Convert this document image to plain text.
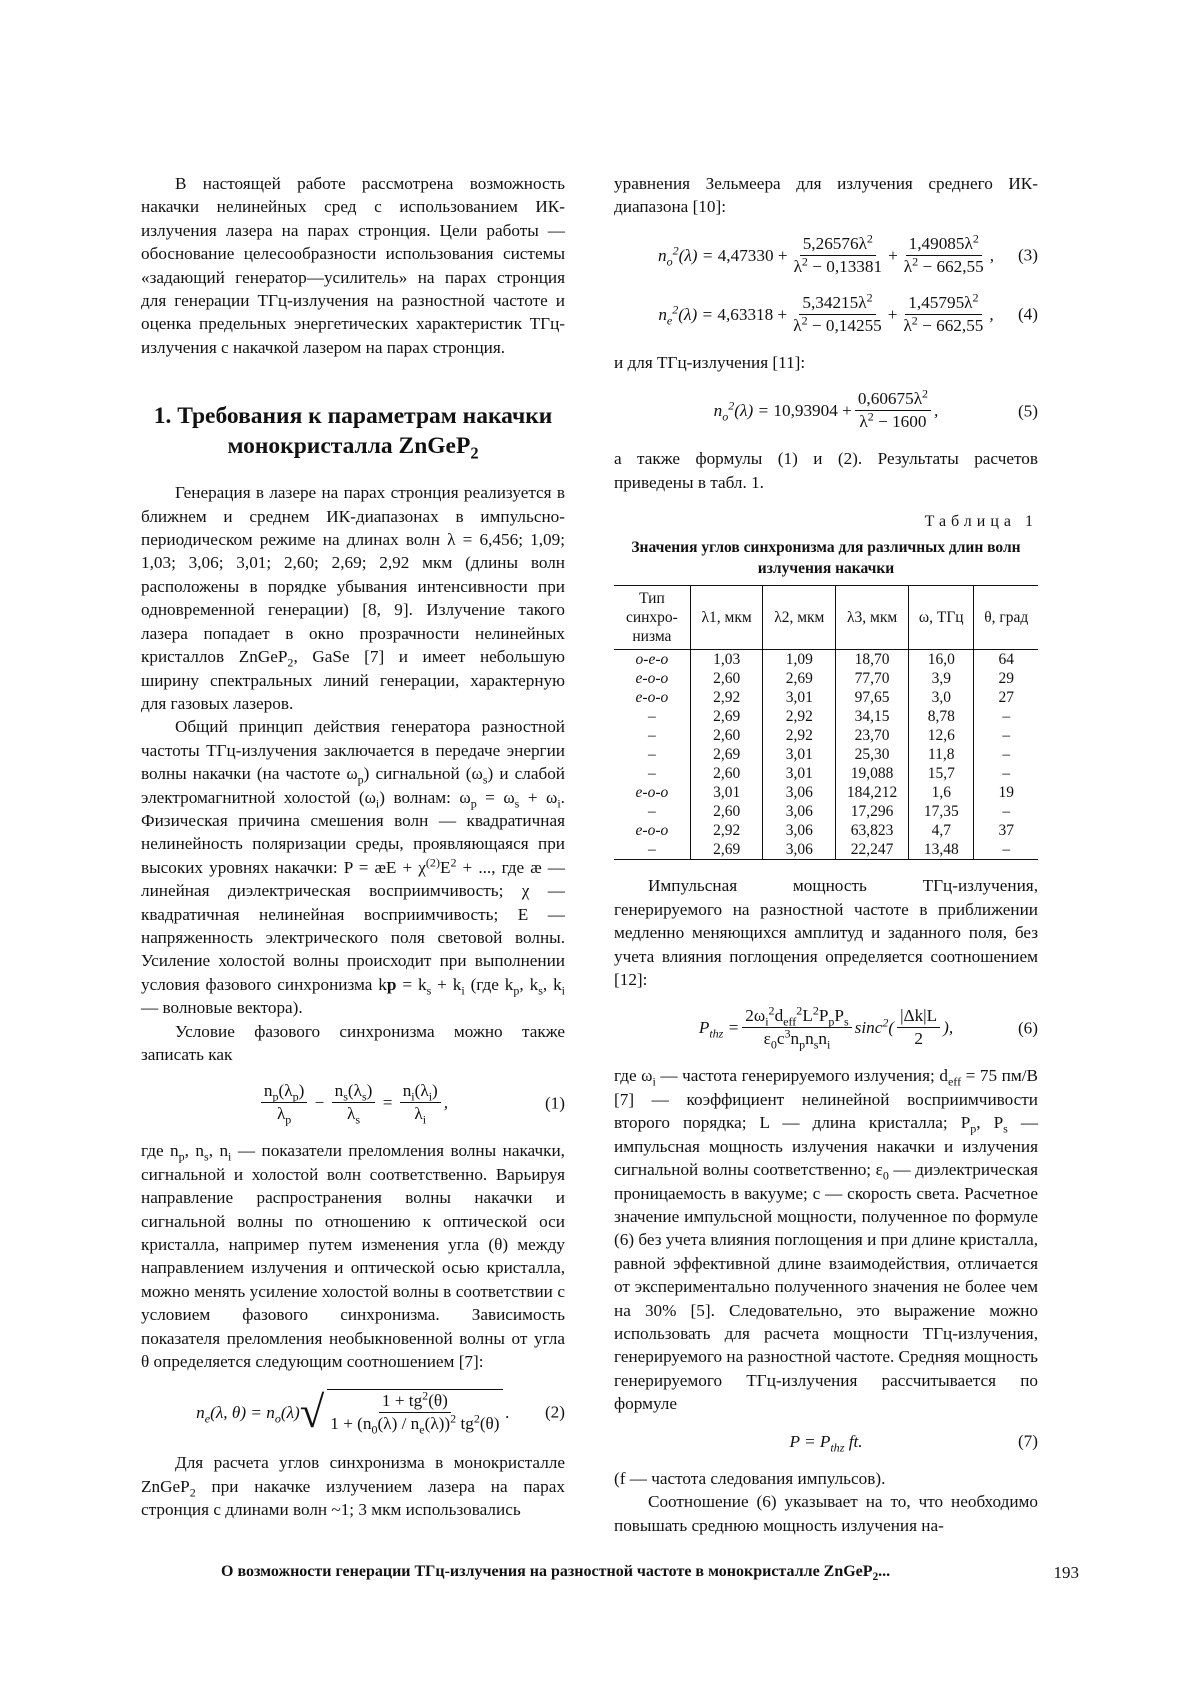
В настоящей работе рассмотрена возможность накачки нелинейных сред с использованием ИК-излучения лазера на парах стронция. Цели работы — обоснование целесообразности использования системы «задающий генератор—усилитель» на парах стронция для генерации ТГц-излучения на разностной частоте и оценка предельных энергетических характеристик ТГц-излучения с накачкой лазером на парах стронция.

1. Требования к параметрам накачки
монокристалла ZnGeP$_2$

Генерация в лазере на парах стронция реализуется в ближнем и среднем ИК-диапазонах в импульсно-периодическом режиме на длинах волн λ = 6,456; 1,09; 1,03; 3,06; 3,01; 2,60; 2,69; 2,92 мкм (длины волн расположены в порядке убывания интенсивности при одновременной генерации) [8, 9]. Излучение такого лазера попадает в окно прозрачности нелинейных кристаллов ZnGeP$_2$, GaSe [7] и имеет небольшую ширину спектральных линий генерации, характерную для газовых лазеров.

Общий принцип действия генератора разностной частоты ТГц-излучения заключается в передаче энергии волны накачки (на частоте $\omega_p$) сигнальной $(\omega_s)$ и слабой электромагнитной холостой $(\omega_i)$ волнам: $\omega_p = \omega_s + \omega_i$. Физическая причина смешения волн — квадратичная нелинейность поляризации среды, проявляющаяся при высоких уровнях накачки: P = æE + $\chi^{(2)}E^2$ + ..., где æ — линейная диэлектрическая восприимчивость; χ — квадратичная нелинейная восприимчивость; E — напряженность электрического поля световой волны. Усиление холостой волны происходит при выполнении условия фазового синхронизма kp = $k_s + k_i$ (где $k_p$, $k_s$, $k_i$ — волновые вектора).

Условие фазового синхронизма можно также записать как

$n_p(\lambda_p)$
$\lambda_p$
− $\frac{n_s(\lambda_s)}{\lambda_s} = \frac{n_i(\lambda_i)}{\lambda_i}$ ,	(1)

где $n_p$, $n_s$, $n_i$ — показатели преломления волны накачки, сигнальной и холостой волн соответственно. Варьируя направление распространения волны накачки и сигнальной волны по отношению к оптической оси кристалла, например путем изменения угла (θ) между направлением излучения и оптической осью кристалла, можно менять усиление холостой волны в соответствии с условием фазового синхронизма. Зависимость показателя преломления необыкновенной волны от угла θ определяется следующим соотношением [7]:

$n_e(\lambda$, $\theta) = n_o(\lambda)$ √	$1 + tg^2(\theta)$
$1 + (n_0(\lambda) / n_e(\lambda))^2$ $tg^2(\theta)$
. (2)

Для расчета углов синхронизма в монокристалле ZnGeP$_2$ при накачке излучением лазера на парах стронция с длинами волн ~1; 3 мкм использовались

уравнения Зельмеера для излучения среднего ИК-диапазона [10]:

$n_o^2(\lambda) = 4,47330 + \frac{5,26576\lambda^2}{\lambda^2 - 0,13381} + \frac{1,49085\lambda^2}{\lambda^2 - 662,55}$ , (3)
$n_e^2(\lambda) = 4,63318 + \frac{5,34215\lambda^2}{\lambda^2 - 0,14255} + \frac{1,45795\lambda^2}{\lambda^2 - 662,55}$ , (4)

и для ТГц-излучения [11]:

$n_o^2(\lambda) = 10,93904 + \frac{0,60675\lambda^2}{\lambda^2 - 1600}$ ,	(5)

а также формулы (1) и (2). Результаты расчетов приведены в табл. 1.

Таблица 1
Значения углов синхронизма для различных длин волн излучения накачки
Тип синхро-низма	λ1, мкм	λ2, мкм	λ3, мкм	ω, ТГц	θ, град
о-е-о	1,03	1,09	18,70	16,0	64
е-о-о	2,60	2,69	77,70	3,9	29
е-о-о	2,92	3,01	97,65	3,0	27
–	2,69	2,92	34,15	8,78	–
–	2,60	2,92	23,70	12,6	–
–	2,69	3,01	25,30	11,8	–
–	2,60	3,01	19,088	15,7	–
е-о-о	3,01	3,06	184,212	1,6	19
–	2,60	3,06	17,296	17,35	–
е-о-о	2,92	3,06	63,823	4,7	37
–	2,69	3,06	22,247	13,48	–

Импульсная мощность ТГц-излучения, генерируемого на разностной частоте в приближении медленно меняющихся амплитуд и заданного поля, без учета влияния поглощения определяется соотношением [12]:

$P_{thz}$ =
$2\omega_i^2d_{eff}^2L^2P_pP_s$
$\varepsilon_0c^3n_pn_sn_i$
sinc$^2$(
|Δk|L
2
),	(6)

где $\omega_i$ — частота генерируемого излучения; $d_{eff} = 75$ пм/В [7] — коэффициент нелинейной восприимчивости второго порядка; L — длина кристалла; $P_p$, $P_s$ — импульсная мощность излучения накачки и излучения сигнальной волны соответственно; $\varepsilon_0$ — диэлектрическая проницаемость в вакууме; c — скорость света. Расчетное значение импульсной мощности, полученное по формуле (6) без учета влияния поглощения и при длине кристалла, равной эффективной длине взаимодействия, отличается от экспериментально полученного значения не более чем на 30% [5]. Следовательно, это выражение можно использовать для расчета мощности ТГц-излучения, генерируемого на разностной частоте. Средняя мощность генерируемого ТГц-излучения рассчитывается по формуле

$P = P_{thz}$ ft.	(7)

(f — частота следования импульсов).

Соотношение (6) указывает на то, что необходимо повышать среднюю мощность излучения на-

О возможности генерации ТГц-излучения на разностной частоте в монокристалле ZnGeP$_2$...	193
